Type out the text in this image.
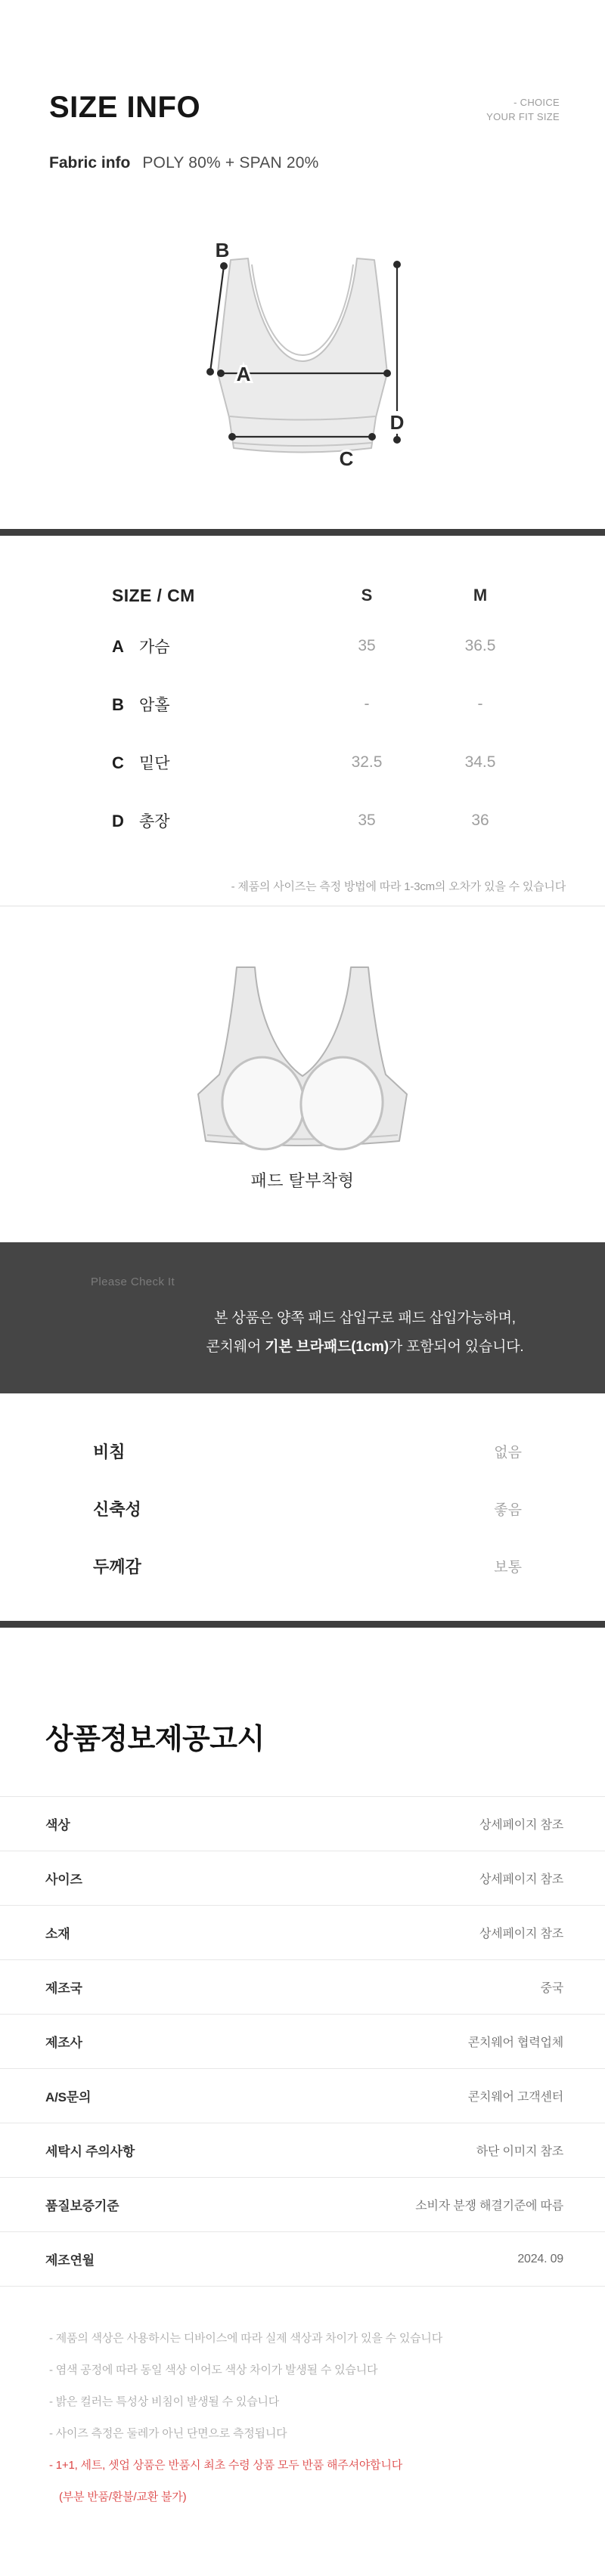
SIZE INFO	- CHOICE
YOUR FIT SIZE
Fabric info POLY 80% + SPAN 20%
B
A
C
D
SIZE / CM	S	M
A 가슴	35	36.5
B 암홀	-	-
C 밑단	32.5	34.5
D 총장	35	36
- 제품의 사이즈는 측정 방법에 따라 1-3cm의 오차가 있을 수 있습니다
패드 탈부착형
Please Check It
본 상품은 양쪽 패드 삽입구로 패드 삽입가능하며,
콘치웨어 기본 브라패드(1cm)가 포함되어 있습니다.
비침	없음
신축성	좋음
두께감	보통
상품정보제공고시
색상	상세페이지 참조
사이즈	상세페이지 참조
소재	상세페이지 참조
제조국	중국
제조사	콘치웨어 협력업체
A/S문의	콘치웨어 고객센터
세탁시 주의사항	하단 이미지 참조
품질보증기준	소비자 분쟁 해결기준에 따름
제조연월	2024. 09
- 제품의 색상은 사용하시는 디바이스에 따라 실제 색상과 차이가 있을 수 있습니다
- 염색 공정에 따라 동일 색상 이어도 색상 차이가 발생될 수 있습니다
- 밝은 컬러는 특성상 비침이 발생될 수 있습니다
- 사이즈 측정은 둘레가 아닌 단면으로 측정됩니다
- 1+1, 세트, 셋업 상품은 반품시 최초 수령 상품 모두 반품 해주셔야합니다
(부분 반품/환불/교환 불가)
